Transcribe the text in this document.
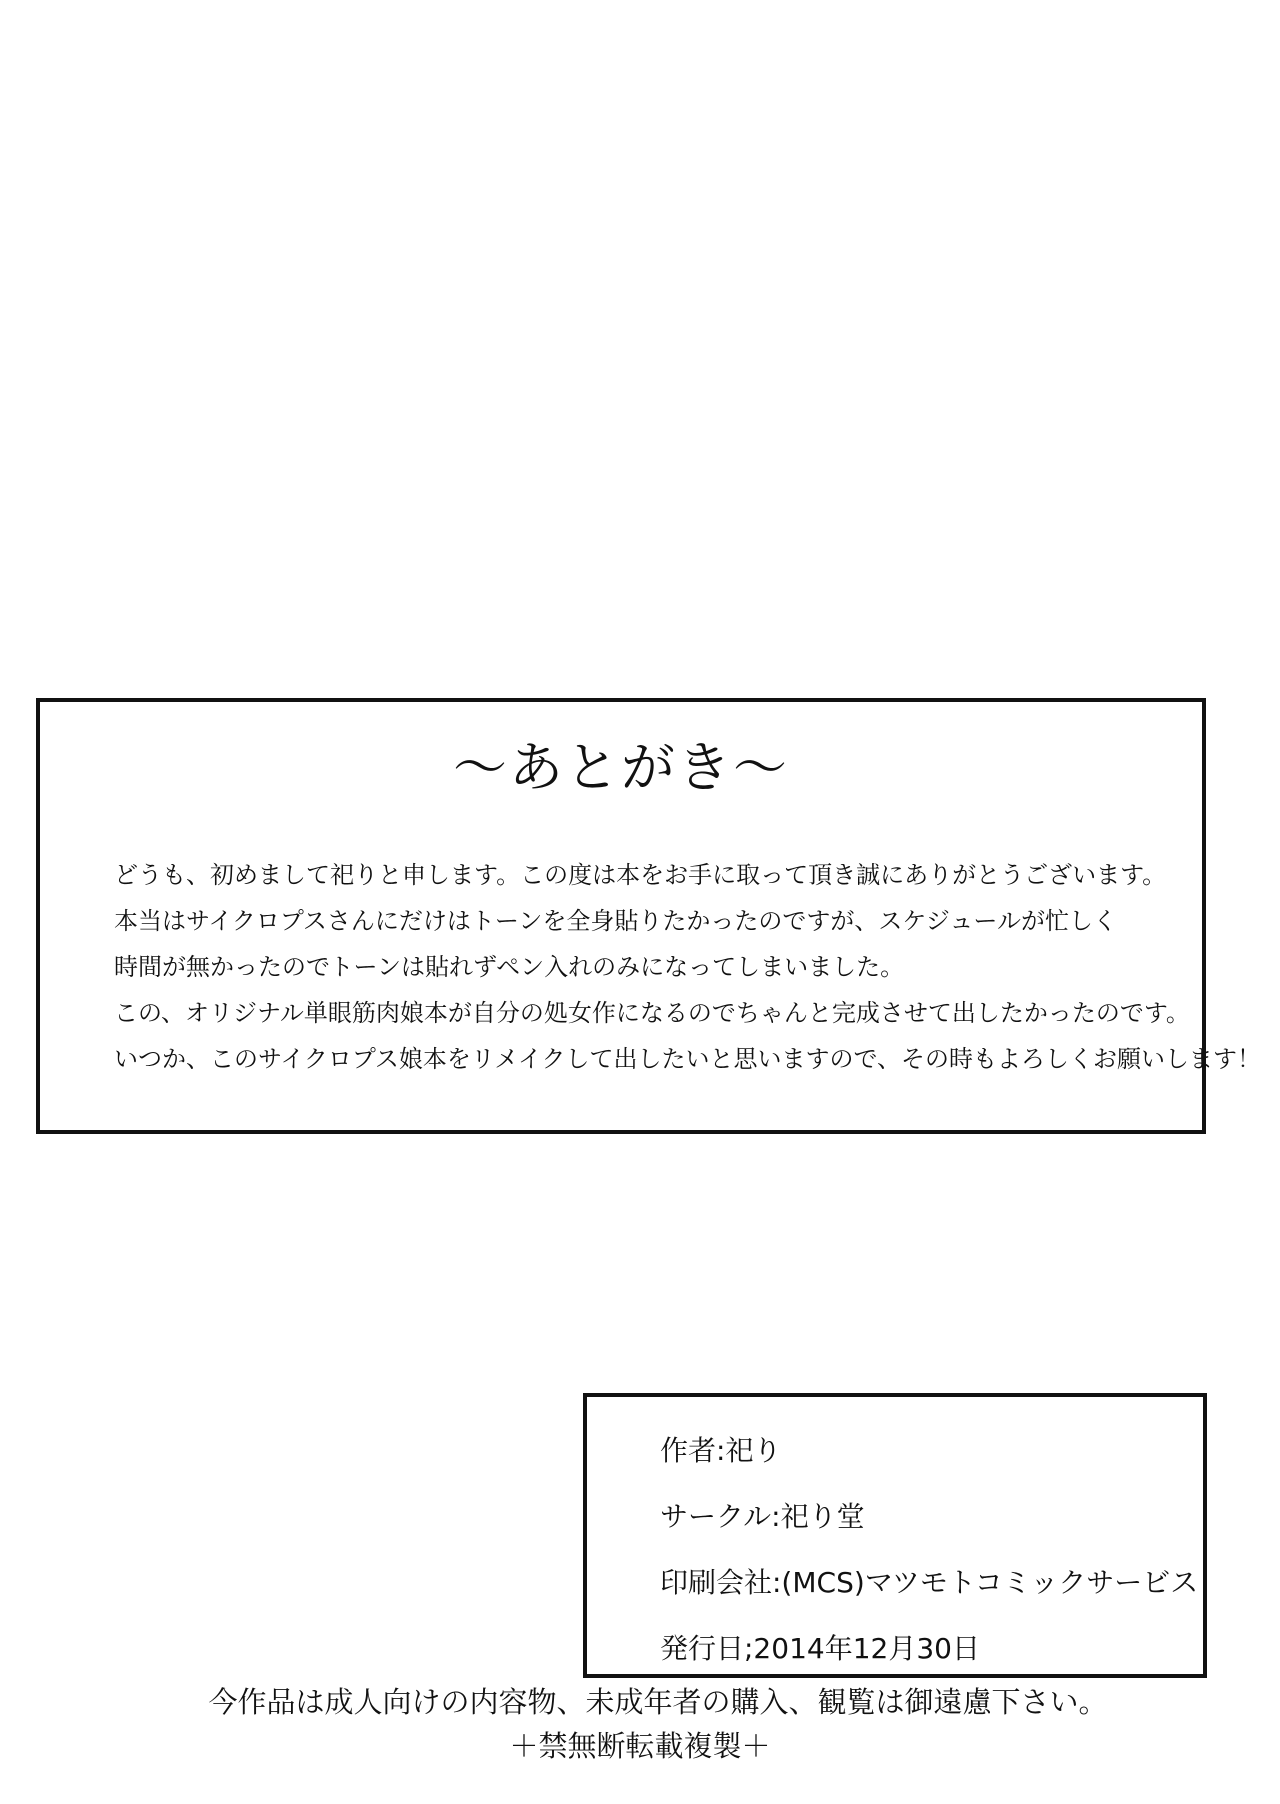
～あとがき～
どうも、初めまして祀りと申します。この度は本をお手に取って頂き誠にありがとうございます。
本当はサイクロプスさんにだけはトーンを全身貼りたかったのですが、スケジュールが忙しく
時間が無かったのでトーンは貼れずペン入れのみになってしまいました。
この、オリジナル単眼筋肉娘本が自分の処女作になるのでちゃんと完成させて出したかったのです。
いつか、このサイクロプス娘本をリメイクして出したいと思いますので、その時もよろしくお願いします！
作者:祀り
サークル:祀り堂
印刷会社:(MCS)マツモトコミックサービス
発行日;2014年12月30日
今作品は成人向けの内容物、未成年者の購入、観覧は御遠慮下さい。
＋禁無断転載複製＋
